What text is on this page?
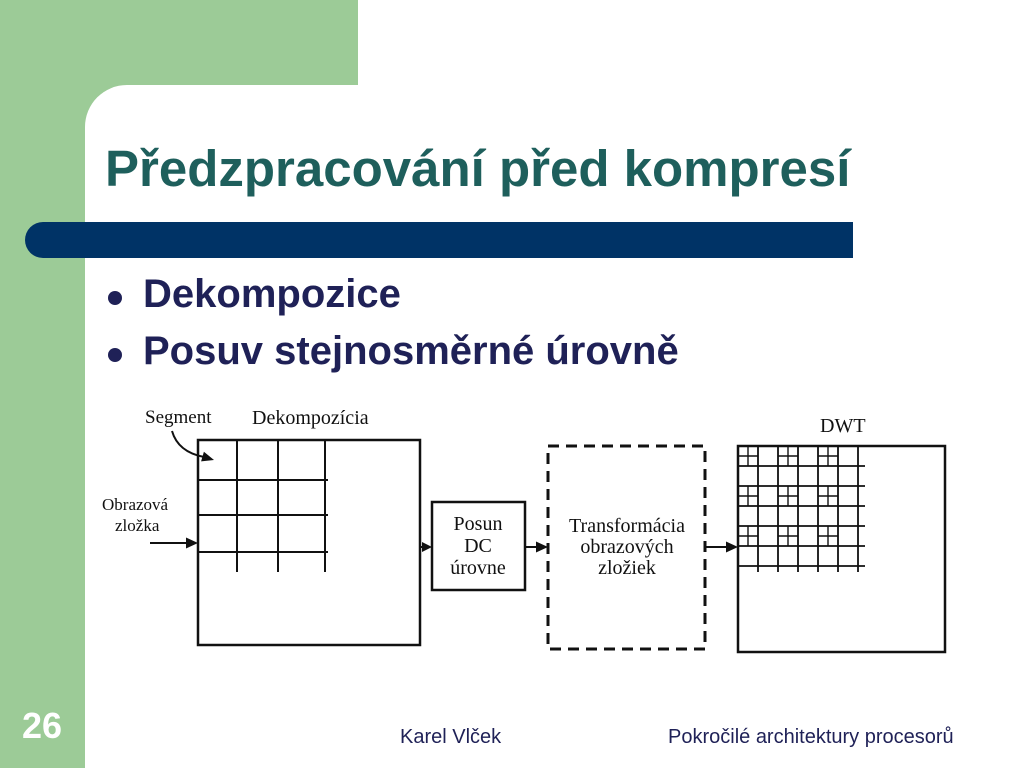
Předzpracování před kompresí
Dekompozice
Posuv stejnosměrné úrovně
Segment Dekompozícia
Obrazová
zložka	Posun
DC
úrovne
Transformácia
obrazových
zložiek
DWT
26	Karel Vlček	Pokročilé architektury procesorů
